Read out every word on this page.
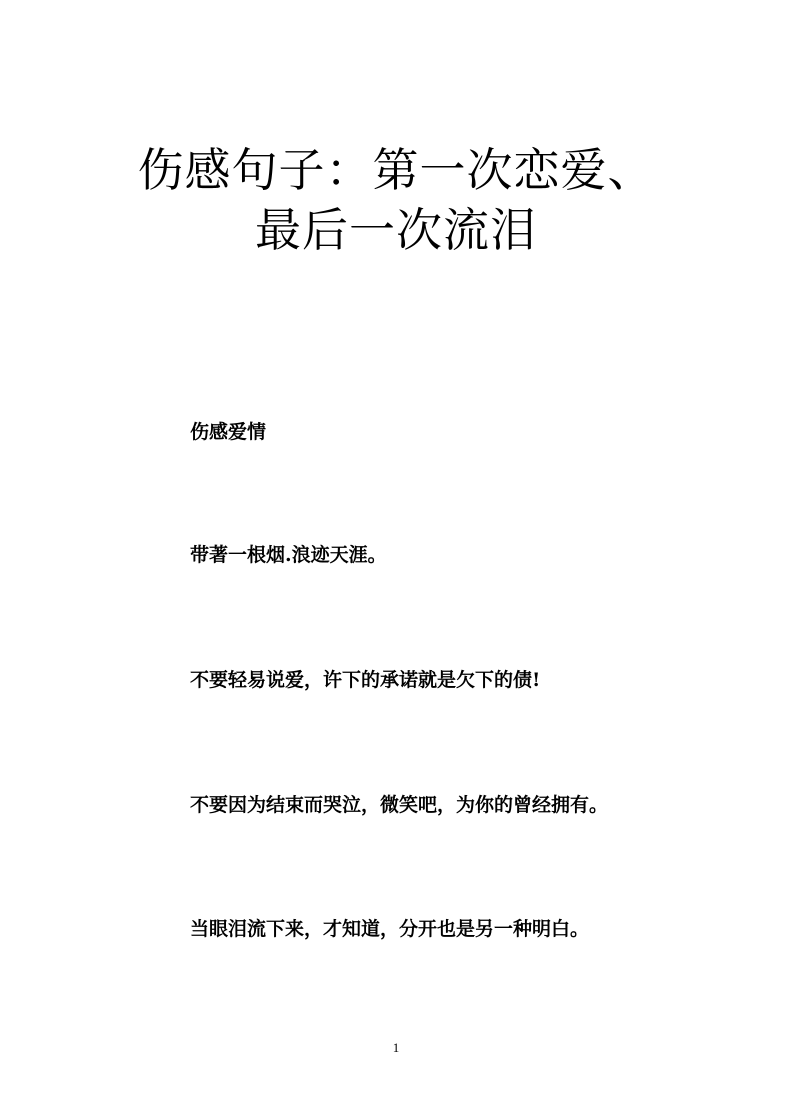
伤感句子：第一次恋爱、
最后一次流泪

伤感爱情

带著一根烟.浪迹天涯。

不要轻易说爱，许下的承诺就是欠下的债!

不要因为结束而哭泣，微笑吧，为你的曾经拥有。

当眼泪流下来，才知道，分开也是另一种明白。

1
